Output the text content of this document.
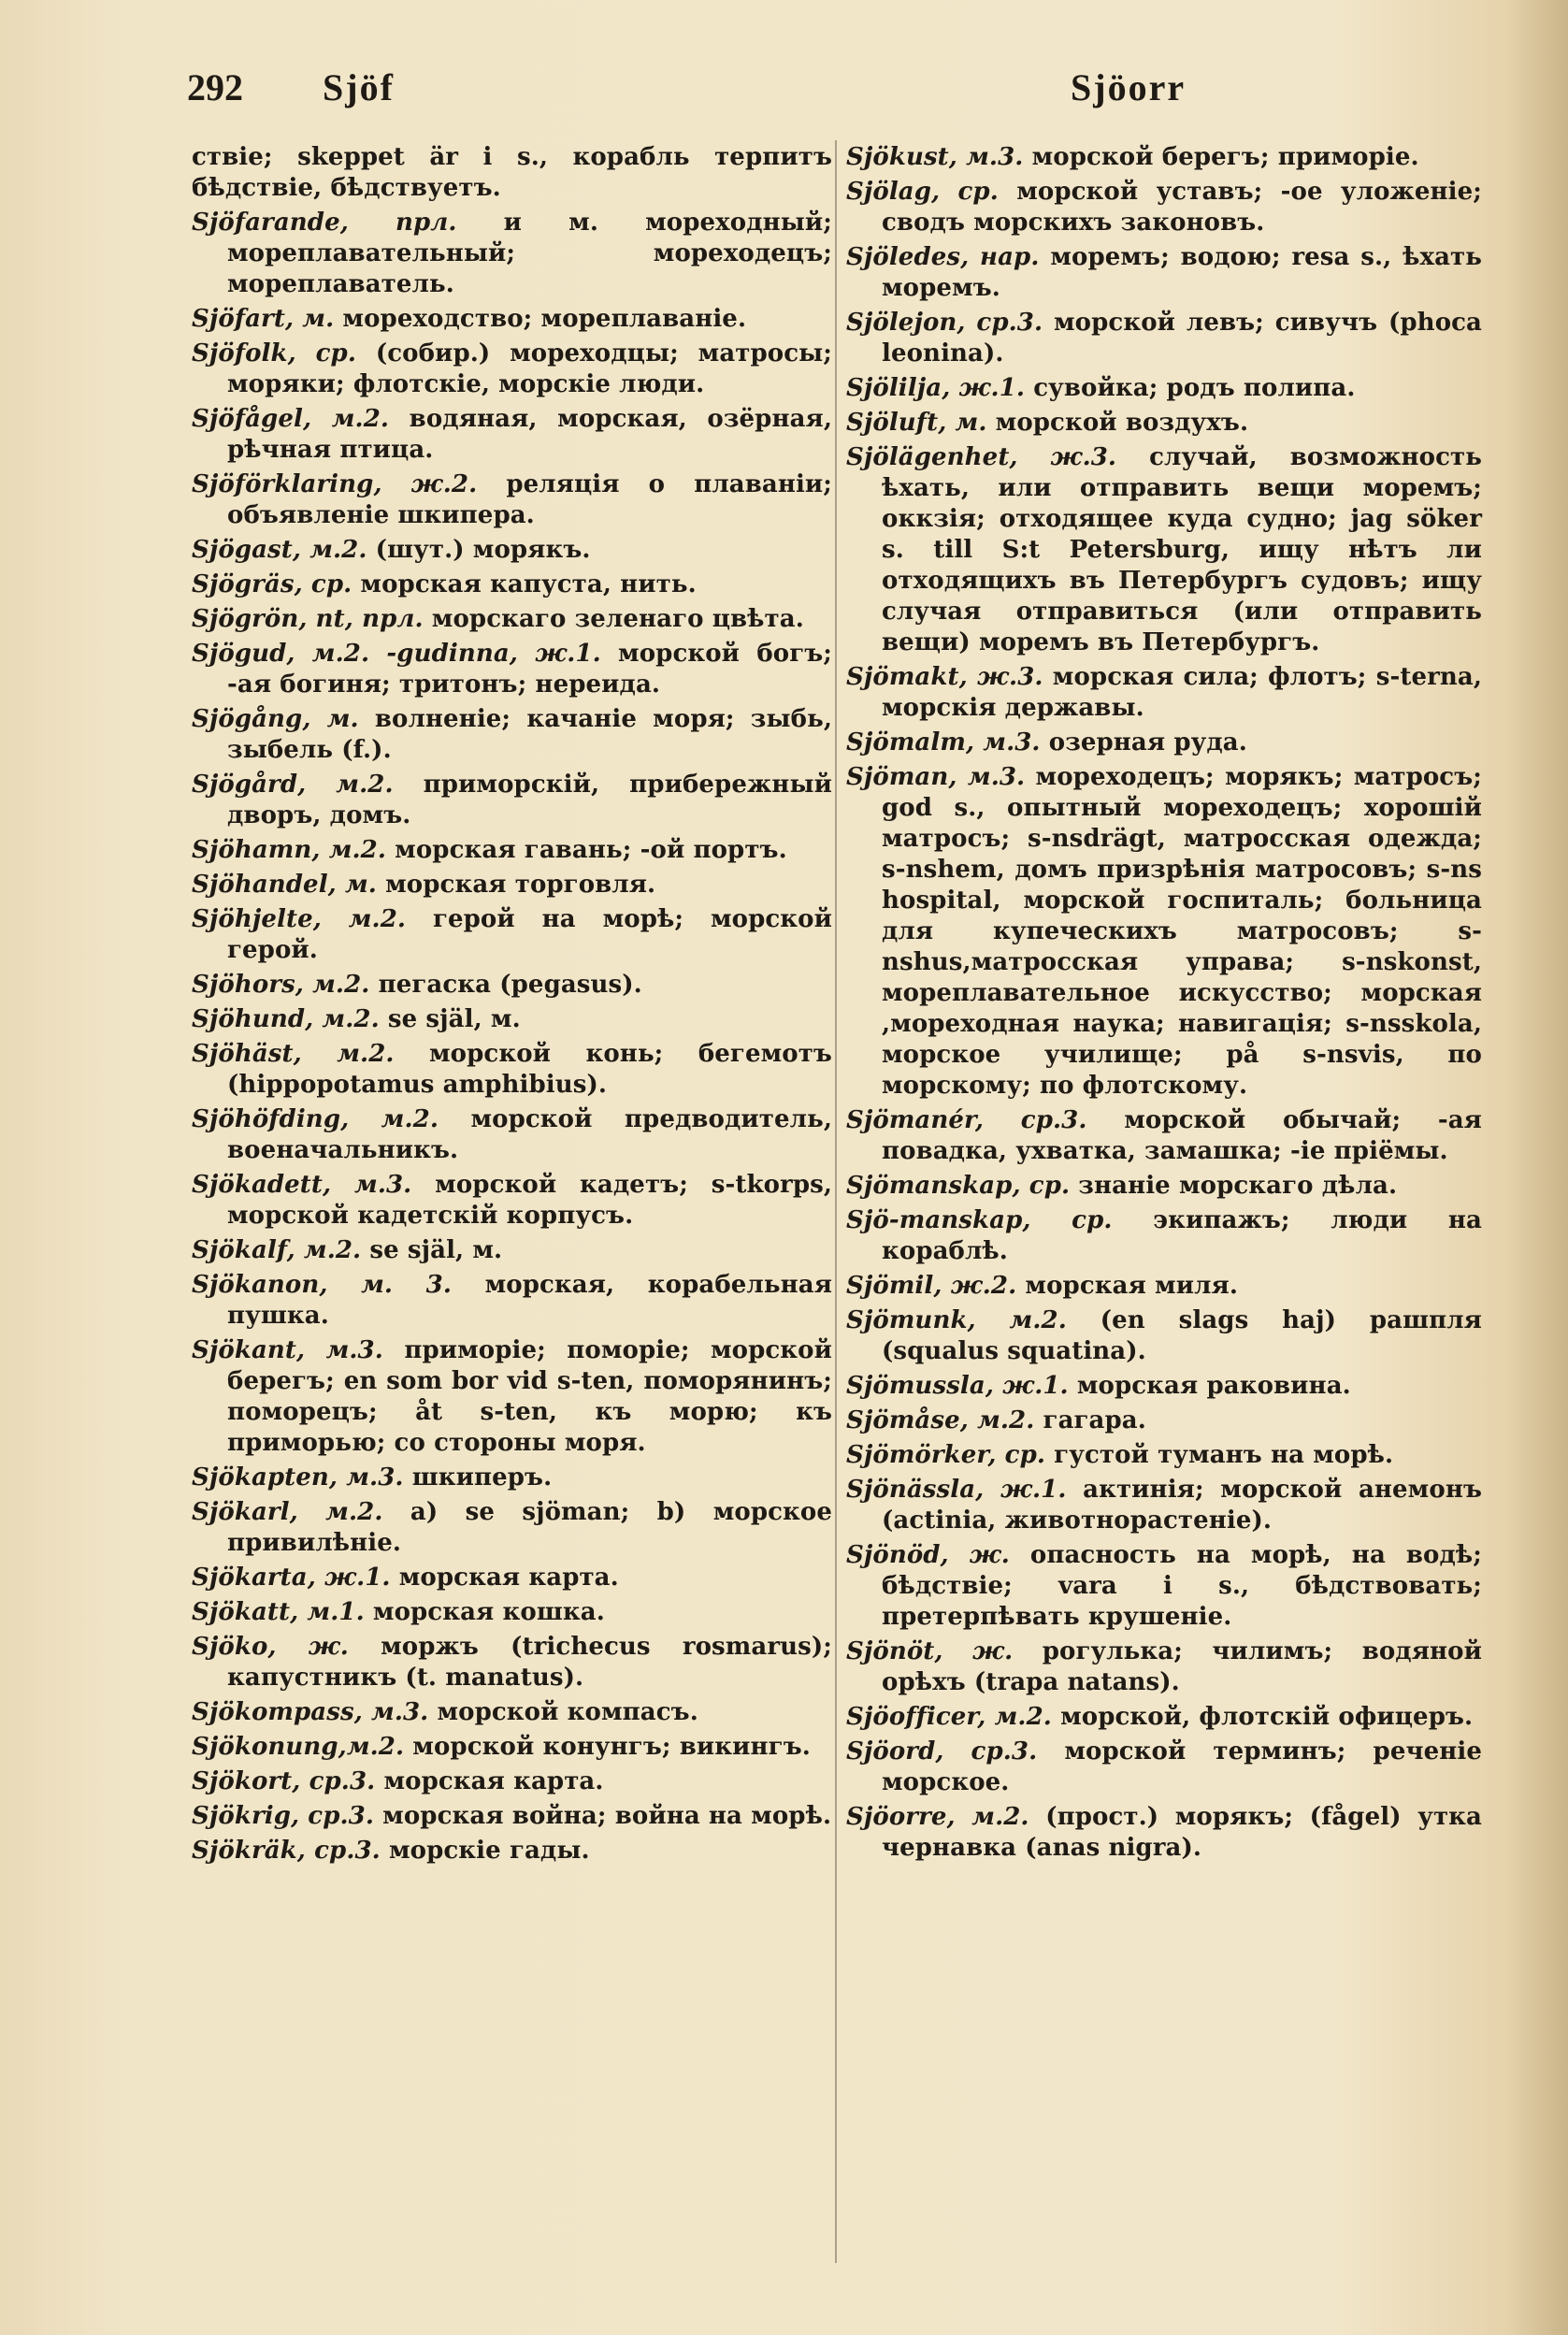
292 Sjöf	Sjöorr

ствіе; skeppet är i s., корабль терпитъ бѣдствіе, бѣдствуетъ.

Sjöfarande, прл. и м. мореходный; мореплавательный; мореходецъ; мореплаватель.

Sjöfart, м. мореходство; мореплаваніе.

Sjöfolk, ср. (собир.) мореходцы; матросы; моряки; флотскіе, морскіе люди.

Sjöfågel, м.2. водяная, морская, озёрная, рѣчная птица.

Sjöförklaring, ж.2. реляція о плаваніи; объявленіе шкипера.

Sjögast, м.2. (шут.) морякъ.

Sjögräs, ср. морская капуста, нить.

Sjögrön, nt, прл. морскаго зеленаго цвѣта.

Sjögud, м.2. -gudinna, ж.1. морской богъ; -ая богиня; тритонъ; нереида.

Sjögång, м. волненіе; качаніе моря; зыбь, зыбель (f.).

Sjögård, м.2. приморскій, прибережный дворъ, домъ.

Sjöhamn, м.2. морская гавань; -ой портъ.

Sjöhandel, м. морская торговля.

Sjöhjelte, м.2. герой на морѣ; морской герой.

Sjöhors, м.2. пегаска (pegasus).

Sjöhund, м.2. se själ, м.

Sjöhäst, м.2. морской конь; бегемотъ (hippopotamus amphibius).

Sjöhöfding, м.2. морской предводитель, военачальникъ.

Sjökadett, м.3. морской кадетъ; s-tkorps, морской кадетскій корпусъ.

Sjökalf, м.2. se själ, м.

Sjökanon, м. 3. морская, корабельная пушка.

Sjökant, м.3. приморіе; поморіе; морской берегъ; en som bor vid s-ten, поморянинъ; поморецъ; åt s-ten, къ морю; къ приморью; со стороны моря.

Sjökapten, м.3. шкиперъ.

Sjökarl, м.2. a) se sjöman; b) морское привилѣніе.

Sjökarta, ж.1. морская карта.

Sjökatt, м.1. морская кошка.

Sjöko, ж. моржъ (trichecus rosmarus); капустникъ (t. manatus).

Sjökompass, м.3. морской компасъ.

Sjökonung,м.2. морской конунгъ; викингъ.

Sjökort, ср.3. морская карта.

Sjökrig, ср.3. морская война; война на морѣ.

Sjökräk, ср.3. морскіе гады.

Sjökust, м.3. морской берегъ; приморіе.

Sjölag, ср. морской уставъ; -ое уложеніе; сводъ морскихъ законовъ.

Sjöledes, нар. моремъ; водою; resa s., ѣхать моремъ.

Sjölejon, ср.3. морской левъ; сивучъ (phoca leonina).

Sjölilja, ж.1. сувойка; родъ полипа.

Sjöluft, м. морской воздухъ.

Sjölägenhet, ж.3. случай, возможность ѣхать, или отправить вещи моремъ; оккзія; отходящее куда судно; jag söker s. till S:t Petersburg, ищу нѣтъ ли отходящихъ въ Петербургъ судовъ; ищу случая отправиться (или отправить вещи) моремъ въ Петербургъ.

Sjömakt, ж.3. морская сила; флотъ; s-terna, морскія державы.

Sjömalm, м.3. озерная руда.

Sjöman, м.3. мореходецъ; морякъ; матросъ; god s., опытный мореходецъ; хорошій матросъ; s-nsdrägt, матросская одежда; s-nshem, домъ призрѣнія матросовъ; s-ns hospital, морской госпиталь; больница для купеческихъ матросовъ; s-nshus,матросская управа; s-nskonst, мореплавательное искусство; морская ,мореходная наука; навигація; s-nsskola, морское училище; på s-nsvis, по морскому; по флотскому.

Sjömanér, ср.3. морской обычай; -ая повадка, ухватка, замашка; -іе пріёмы.

Sjömanskap, ср. знаніе морскаго дѣла.

Sjö-manskap, ср. экипажъ; люди на кораблѣ.

Sjömil, ж.2. морская миля.

Sjömunk, м.2. (en slags haj) рашпля (squalus squatina).

Sjömussla, ж.1. морская раковина.

Sjömåse, м.2. гагара.

Sjömörker, ср. густой туманъ на морѣ.

Sjönässla, ж.1. актинія; морской анемонъ (actinia, животнорастеніе).

Sjönöd, ж. опасность на морѣ, на водѣ; бѣдствіе; vara i s., бѣдствовать; претерпѣвать крушеніе.

Sjönöt, ж. рогулька; чилимъ; водяной орѣхъ (trapa natans).

Sjöofficer, м.2. морской, флотскій офицеръ.

Sjöord, ср.3. морской терминъ; реченіе морское.

Sjöorre, м.2. (прост.) морякъ; (fågel) утка чернавка (anas nigra).
